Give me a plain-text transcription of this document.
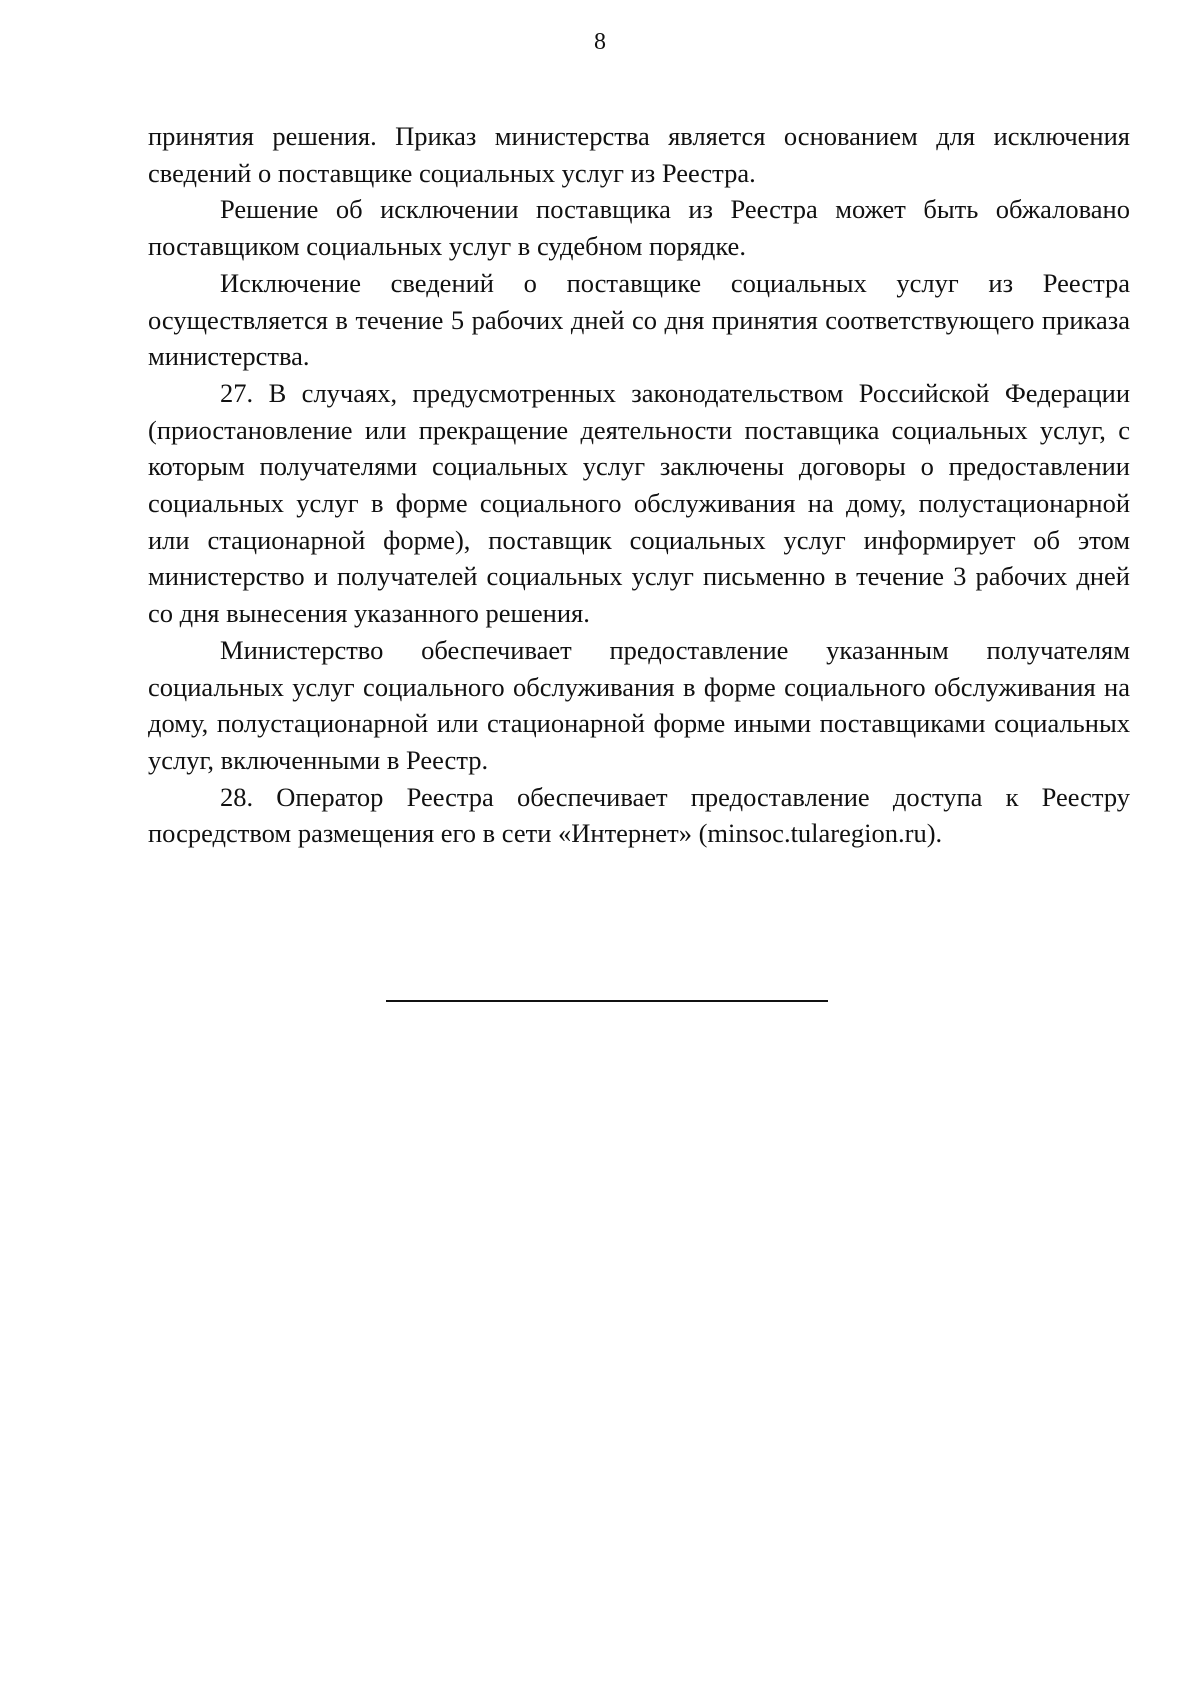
8

принятия решения. Приказ министерства является основанием для исключения сведений о поставщике социальных услуг из Реестра.

Решение об исключении поставщика из Реестра может быть обжаловано поставщиком социальных услуг в судебном порядке.

Исключение сведений о поставщике социальных услуг из Реестра осуществляется в течение 5 рабочих дней со дня принятия соответствующего приказа министерства.

27. В случаях, предусмотренных законодательством Российской Федерации (приостановление или прекращение деятельности поставщика социальных услуг, с которым получателями социальных услуг заключены договоры о предоставлении социальных услуг в форме социального обслуживания на дому, полустационарной или стационарной форме), поставщик социальных услуг информирует об этом министерство и получателей социальных услуг письменно в течение 3 рабочих дней со дня вынесения указанного решения.

Министерство обеспечивает предоставление указанным получателям социальных услуг социального обслуживания в форме социального обслуживания на дому, полустационарной или стационарной форме иными поставщиками социальных услуг, включенными в Реестр.

28. Оператор Реестра обеспечивает предоставление доступа к Реестру посредством размещения его в сети «Интернет» (minsoc.tularegion.ru).
